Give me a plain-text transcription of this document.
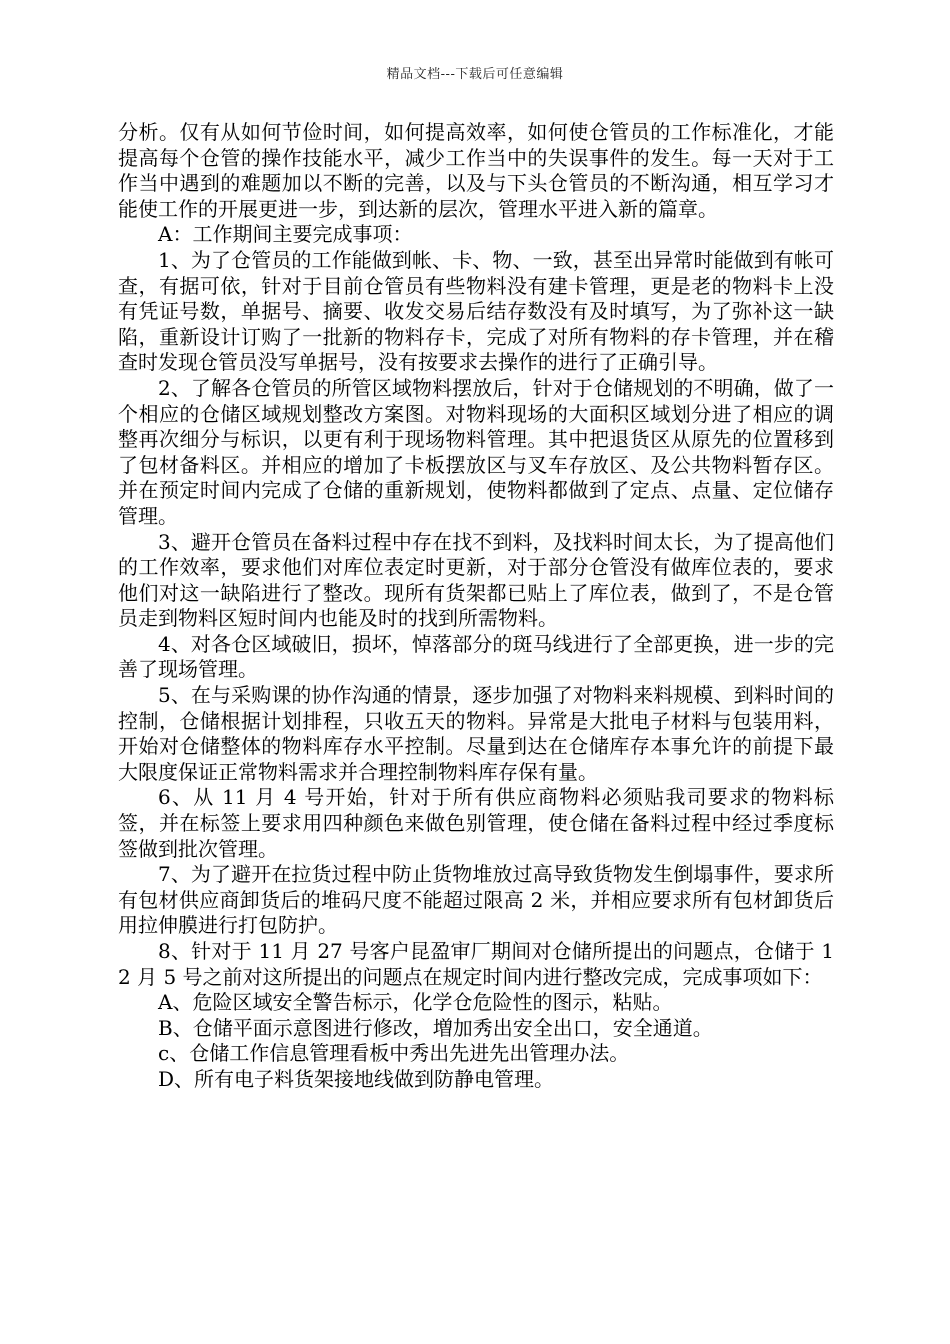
精品文档---下载后可任意编辑

分析。仅有从如何节俭时间，如何提高效率，如何使仓管员的工作标准化，才能提高每个仓管的操作技能水平，减少工作当中的失误事件的发生。每一天对于工作当中遇到的难题加以不断的完善，以及与下头仓管员的不断沟通，相互学习才能使工作的开展更进一步，到达新的层次，管理水平进入新的篇章。

A：工作期间主要完成事项：

1、为了仓管员的工作能做到帐、卡、物、一致，甚至出异常时能做到有帐可查，有据可依，针对于目前仓管员有些物料没有建卡管理，更是老的物料卡上没有凭证号数，单据号、摘要、收发交易后结存数没有及时填写，为了弥补这一缺陷，重新设计订购了一批新的物料存卡，完成了对所有物料的存卡管理，并在稽查时发现仓管员没写单据号，没有按要求去操作的进行了正确引导。

2、了解各仓管员的所管区域物料摆放后，针对于仓储规划的不明确，做了一个相应的仓储区域规划整改方案图。对物料现场的大面积区域划分进了相应的调整再次细分与标识，以更有利于现场物料管理。其中把退货区从原先的位置移到了包材备料区。并相应的增加了卡板摆放区与叉车存放区、及公共物料暂存区。并在预定时间内完成了仓储的重新规划，使物料都做到了定点、点量、定位储存管理。

3、避开仓管员在备料过程中存在找不到料，及找料时间太长，为了提高他们的工作效率，要求他们对库位表定时更新，对于部分仓管没有做库位表的，要求他们对这一缺陷进行了整改。现所有货架都已贴上了库位表，做到了，不是仓管员走到物料区短时间内也能及时的找到所需物料。

4、对各仓区域破旧，损坏，悼落部分的斑马线进行了全部更换，进一步的完善了现场管理。

5、在与采购课的协作沟通的情景，逐步加强了对物料来料规模、到料时间的控制，仓储根据计划排程，只收五天的物料。异常是大批电子材料与包装用料，开始对仓储整体的物料库存水平控制。尽量到达在仓储库存本事允许的前提下最大限度保证正常物料需求并合理控制物料库存保有量。

6、从 11 月 4 号开始，针对于所有供应商物料必须贴我司要求的物料标签，并在标签上要求用四种颜色来做色别管理，使仓储在备料过程中经过季度标签做到批次管理。

7、为了避开在拉货过程中防止货物堆放过高导致货物发生倒塌事件，要求所有包材供应商卸货后的堆码尺度不能超过限高 2 米，并相应要求所有包材卸货后用拉伸膜进行打包防护。

8、针对于 11 月 27 号客户昆盈审厂期间对仓储所提出的问题点，仓储于 12 月 5 号之前对这所提出的问题点在规定时间内进行整改完成，完成事项如下：

A、危险区域安全警告标示，化学仓危险性的图示，粘贴。

B、仓储平面示意图进行修改，増加秀出安全出口，安全通道。

c、仓储工作信息管理看板中秀出先进先出管理办法。

D、所有电子料货架接地线做到防静电管理。
